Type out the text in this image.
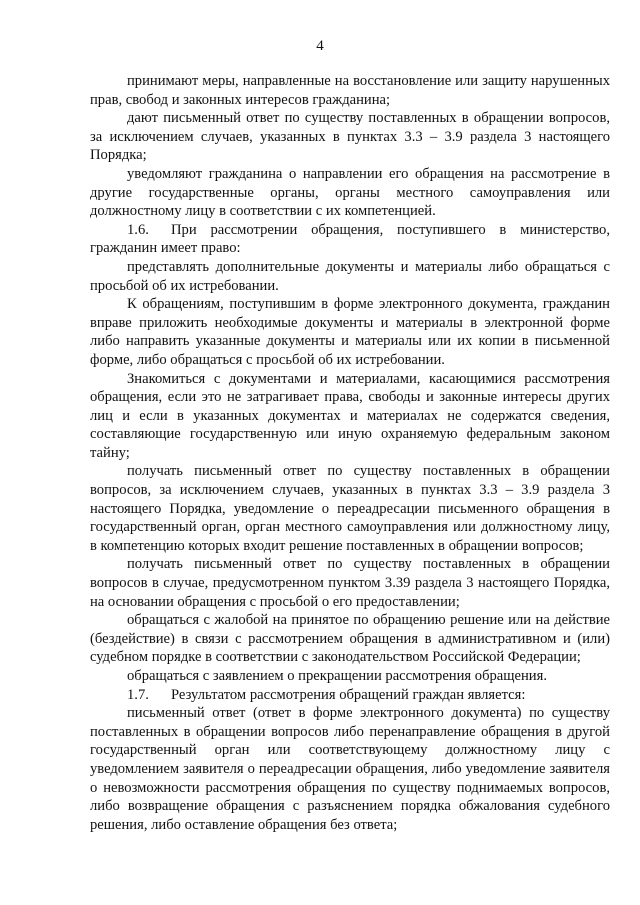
4

принимают меры, направленные на восстановление или защиту нарушенных прав, свобод и законных интересов гражданина;

дают письменный ответ по существу поставленных в обращении вопросов, за исключением случаев, указанных в пунктах 3.3 – 3.9 раздела 3 настоящего Порядка;

уведомляют гражданина о направлении его обращения на рассмотрение в другие государственные органы, органы местного самоуправления или должностному лицу в соответствии с их компетенцией.

1.6. При рассмотрении обращения, поступившего в министерство, гражданин имеет право:

представлять дополнительные документы и материалы либо обращаться с просьбой об их истребовании.

К обращениям, поступившим в форме электронного документа, гражданин вправе приложить необходимые документы и материалы в электронной форме либо направить указанные документы и материалы или их копии в письменной форме, либо обращаться с просьбой об их истребовании.

Знакомиться с документами и материалами, касающимися рассмотрения обращения, если это не затрагивает права, свободы и законные интересы других лиц и если в указанных документах и материалах не содержатся сведения, составляющие государственную или иную охраняемую федеральным законом тайну;

получать письменный ответ по существу поставленных в обращении вопросов, за исключением случаев, указанных в пунктах 3.3 – 3.9 раздела 3 настоящего Порядка, уведомление о переадресации письменного обращения в государственный орган, орган местного самоуправления или должностному лицу, в компетенцию которых входит решение поставленных в обращении вопросов;

получать письменный ответ по существу поставленных в обращении вопросов в случае, предусмотренном пунктом 3.39 раздела 3 настоящего Порядка, на основании обращения с просьбой о его предоставлении;

обращаться с жалобой на принятое по обращению решение или на действие (бездействие) в связи с рассмотрением обращения в административном и (или) судебном порядке в соответствии с законодательством Российской Федерации;

обращаться с заявлением о прекращении рассмотрения обращения.

1.7. Результатом рассмотрения обращений граждан является:

письменный ответ (ответ в форме электронного документа) по существу поставленных в обращении вопросов либо перенаправление обращения в другой государственный орган или соответствующему должностному лицу с уведомлением заявителя о переадресации обращения, либо уведомление заявителя о невозможности рассмотрения обращения по существу поднимаемых вопросов, либо возвращение обращения с разъяснением порядка обжалования судебного решения, либо оставление обращения без ответа;
